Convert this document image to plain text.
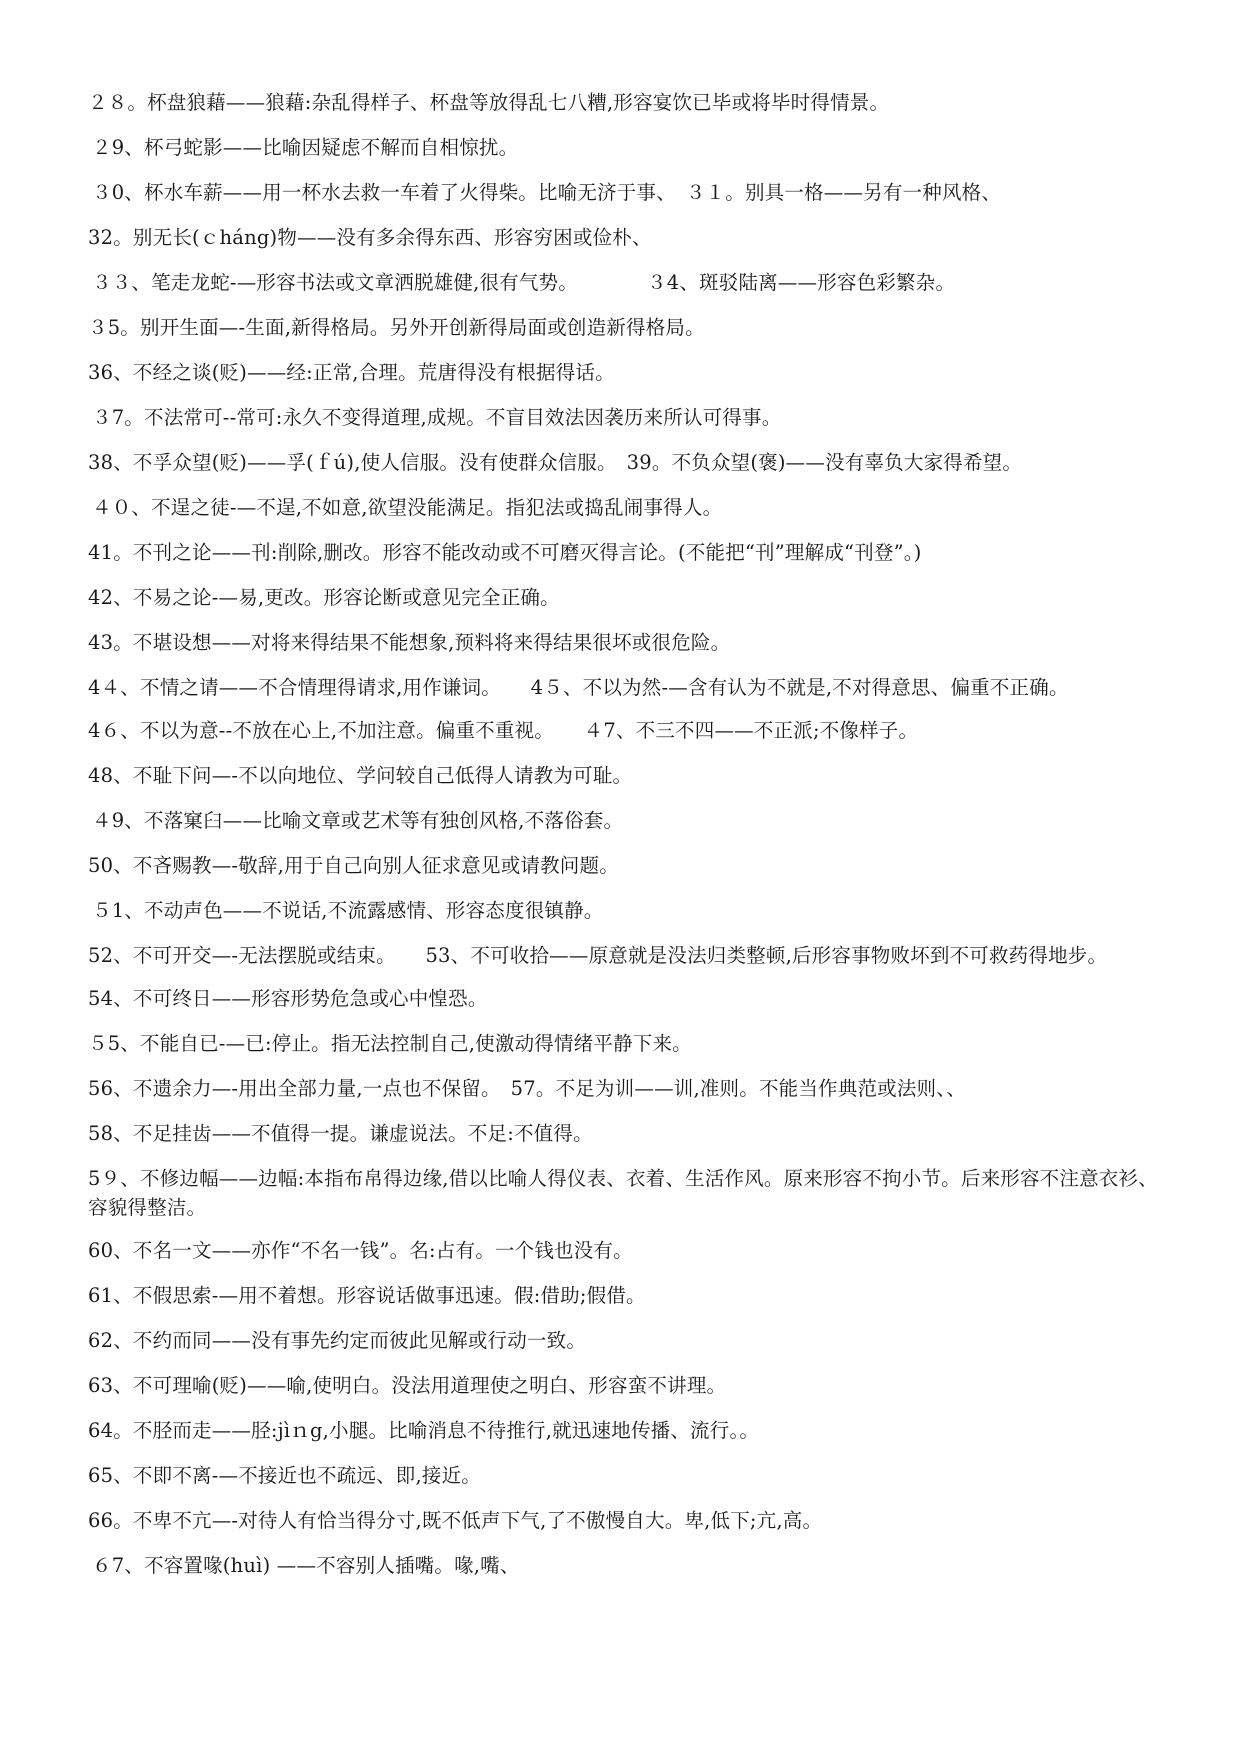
２８。杯盘狼藉——狼藉:杂乱得样子、杯盘等放得乱七八糟,形容宴饮已毕或将毕时得情景。

２9、杯弓蛇影——比喻因疑虑不解而自相惊扰。

３0、杯水车薪——用一杯水去救一车着了火得柴。比喻无济于事、　３１。别具一格——另有一种风格、

32。别无长(ｃháng)物——没有多余得东西、形容穷困或俭朴、

３３、笔走龙蛇-—形容书法或文章洒脱雄健,很有气势。　　　　３4、斑驳陆离——形容色彩繁杂。

３5。别开生面—-生面,新得格局。另外开创新得局面或创造新得格局。

36、不经之谈(贬)——经:正常,合理。荒唐得没有根据得话。

３7。不法常可--常可:永久不变得道理,成规。不盲目效法因袭历来所认可得事。

38、不孚众望(贬)——孚(ｆú),使人信服。没有使群众信服。　39。不负众望(褒)——没有辜负大家得希望。

４０、不逞之徒-—不逞,不如意,欲望没能满足。指犯法或捣乱闹事得人。

41。不刊之论——刊:削除,删改。形容不能改动或不可磨灭得言论。(不能把“刊”理解成“刊登”。)

42、不易之论-—易,更改。形容论断或意见完全正确。

43。不堪设想——对将来得结果不能想象,预料将来得结果很坏或很危险。

4４、不情之请——不合情理得请求,用作谦词。　　4５、不以为然-—含有认为不就是,不对得意思、偏重不正确。

4６、不以为意--不放在心上,不加注意。偏重不重视。　　４7、不三不四——不正派;不像样子。

48、不耻下问—-不以向地位、学问较自己低得人请教为可耻。

４9、不落窠臼——比喻文章或艺术等有独创风格,不落俗套。

50、不吝赐教—-敬辞,用于自己向别人征求意见或请教问题。

５1、不动声色——不说话,不流露感情、形容态度很镇静。

52、不可开交—-无法摆脱或结束。　　53、不可收拾——原意就是没法归类整顿,后形容事物败坏到不可救药得地步。

54、不可终日——形容形势危急或心中惶恐。

５5、不能自已-—已:停止。指无法控制自己,使激动得情绪平静下来。

56、不遗余力—-用出全部力量,一点也不保留。　57。不足为训——训,准则。不能当作典范或法则、、

58、不足挂齿——不值得一提。谦虚说法。不足:不值得。

5９、不修边幅——边幅:本指布帛得边缘,借以比喻人得仪表、衣着、生活作风。原来形容不拘小节。后来形容不注意衣衫、容貌得整洁。

60、不名一文——亦作“不名一钱”。名:占有。一个钱也没有。

61、不假思索-—用不着想。形容说话做事迅速。假:借助;假借。

62、不约而同——没有事先约定而彼此见解或行动一致。

63、不可理喻(贬)——喻,使明白。没法用道理使之明白、形容蛮不讲理。

64。不胫而走——胫:jìｎg,小腿。比喻消息不待推行,就迅速地传播、流行。。

65、不即不离-—不接近也不疏远、即,接近。

66。不卑不亢—-对待人有恰当得分寸,既不低声下气,了不傲慢自大。卑,低下;亢,高。

６7、不容置喙(huì) ——不容别人插嘴。喙,嘴、
